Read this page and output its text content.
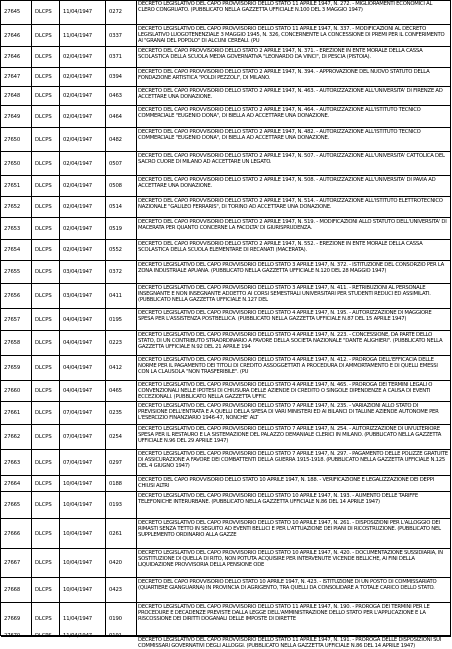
27645	DLCPS	11/04/1947	0272
DECRETO LEGISLATIVO DEL CAPO PROVVISORIO DELLO STATO 11 APRILE 1947, N. 272. - MIGLIORAMENTI ECONOMICI AL CLERO CONGRUATO. (PUBBLICATO NELLA GAZZETTA UFFICIALE N.100 DEL 3 MAGGIO 1947)
27646	DLCPS	11/04/1947	0337
DECRETO LEGISLATIVO DEL CAPO PROVVISORIO DELLO STATO 11 APRILE 1947, N. 337. - MODIFICAZIONI AL DECRETO LEGISLATIVO LUOGOTENENZIALE 3 MAGGIO 1945, N. 326, CONCERNENTE LA CONCESSIONE DI PREMI PER IL CONFERIMENTO AI "GRANAI DEL POPOLO" DI ALCUNI CEREALI. (PU
27646	DLCPS	02/04/1947	0371
DECRETO DEL CAPO PROVVISORIO DELLO STATO 2 APRILE 1947, N. 371. - EREZIONE IN ENTE MORALE DELLA CASSA SCOLASTICA DELLA SCUOLA MEDIA GOVERNATIVA "LEONARDO DA VINCI", DI PESCIA (PISTOIA).
27647	DLCPS	02/04/1947	0394
DECRETO DEL CAPO PROVVISORIO DELLO STATO 2 APRILE 1947, N. 394. - APPROVAZIONE DEL NUOVO STATUTO DELLA FONDAZIONE ARTISTICA "POLDI PEZZOLI", DI MILANO.
27648	DLCPS	02/04/1947	0463
DECRETO DEL CAPO PROVVISORIO DELLO STATO 2 APRILE 1947, N. 463. - AUTORIZZAZIONE ALL'UNIVERSITA' DI FIRENZE AD ACCETTARE UNA DONAZIONE.
27649	DLCPS	02/04/1947	0464
DECRETO DEL CAPO PROVVISORIO DELLO STATO 2 APRILE 1947, N. 464. - AUTORIZZAZIONE ALL'ISTITUTO TECNICO COMMERCIALE "EUGENIO DONA", DI BIELLA AD ACCETTARE UNA DONAZIONE.
27650	DLCPS	02/04/1947	0482
DECRETO DEL CAPO PROVVISORIO DELLO STATO 2 APRILE 1947, N. 482. - AUTORIZZAZIONE ALL'ISTITUTO TECNICO COMMERCIALE "EUGENIO DONA", DI BIELLA AD ACCETTARE UNA DONAZIONE.
27650	DLCPS	02/04/1947	0507
DECRETO DEL CAPO PROVVISORIO DELLO STATO 2 APRILE 1947, N. 507. - AUTORIZZAZIONE ALL'UNIVERSITA' CATTOLICA DEL SACRO CUORE DI MILANO AD ACCETTARE UN LEGATO.
27651	DLCPS	02/04/1947	0508
DECRETO DEL CAPO PROVVISORIO DELLO STATO 2 APRILE 1947, N. 508. - AUTORIZZAZIONE ALL'UNIVERSITA' DI PAVIA AD ACCETTARE UNA DONAZIONE.
27652	DLCPS	02/04/1947	0514
DECRETO DEL CAPO PROVVISORIO DELLO STATO 2 APRILE 1947, N. 514. - AUTORIZZAZIONE ALL'ISTITUTO ELETTROTECNICO NAZIONALE "GALILEO FERRARIS", DI TORINO AD ACCETTARE UNA DONAZIONE.
27653	DLCPS	02/04/1947	0519
DECRETO DEL CAPO PROVVISORIO DELLO STATO 2 APRILE 1947, N. 519. - MODIFICAZIONI ALLO STATUTO DELL'UNIVERSITA' DI MACERATA PER QUANTO CONCERNE LA FACOLTA' DI GIURISPRUDENZA.
27654	DLCPS	02/04/1947	0552
DECRETO DEL CAPO PROVVISORIO DELLO STATO 2 APRILE 1947, N. 552. - EREZIONE IN ENTE MORALE DELLA CASSA SCOLASTICA DELLA SCUOLA ELEMENTARE DI RECANATI (MACERATA).
27655	DLCPS	03/04/1947	0372
DECRETO LEGISLATIVO DEL CAPO PROVVISORIO DELLO STATO 3 APRILE 1947, N. 372. - ISTITUZIONE DEL CONSORZIO PER LA ZONA INDUSTRIALE APUANA. (PUBBLICATO NELLA GAZZETTA UFFICIALE N.120 DEL 28 MAGGIO 1947)
27656	DLCPS	03/04/1947	0411
DECRETO LEGISLATIVO DEL CAPO PROVVISORIO DELLO STATO 3 APRILE 1947, N. 411. - RETRIBUZIONI AL PERSONALE INSEGNANTE E NON INSEGNANTE ADDETTO AI CORSI SEMESTRALI UNIVERSITARI PER STUDENTI REDUCI ED ASSIMILATI. (PUBBLICATO NELLA GAZZETTA UFFICIALE N.127 DEL
27657	DLCPS	04/04/1947	0195
DECRETO LEGISLATIVO DEL CAPO PROVVISORIO DELLO STATO 4 APRILE 1947, N. 195. - AUTORIZZAZIONE DI MAGGIORE SPESA PER L'ASSISTENZA POSTBELLICA. (PUBBLICATO NELLA GAZZETTA UFFICIALE N.87 DEL 15 APRILE 1947)
27658	DLCPS	04/04/1947	0223
DECRETO LEGISLATIVO DEL CAPO PROVVISORIO DELLO STATO 4 APRILE 1947, N. 223. - CONCESSIONE, DA PARTE DELLO STATO, DI UN CONTRIBUTO STRAORDINARIO A FAVORE DELLA SOCIETA NAZIONALE "DANTE ALIGHIERI". (PUBBLICATO NELLA GAZZETTA UFFICIALE N.92 DEL 21 APRILE 194
27659	DLCPS	04/04/1947	0412
DECRETO LEGISLATIVO DEL CAPO PROVVISORIO DELLO STATO 4 APRILE 1947, N. 412. - PROROGA DELL'EFFICACIA DELLE NORME PER IL PAGAMENTO DEI TITOLI DI CREDITO ASSOGGETTATI A PROCEDURA DI AMMORTAMENTO E DI QUELLI EMESSI CON LA CLAUSOLA "NON TRASFERIBILE". (PU
27660	DLCPS	04/04/1947	0465
DECRETO LEGISLATIVO DEL CAPO PROVVISORIO DELLO STATO 4 APRILE 1947, N. 465. - PROROGA DEI TERMINI LEGALI O CONVENZIONALI NELLE IPOTESI DI CHIUSURA DELLE AZIENDE DI CREDITO O SINGOLE DIPENDENZE A CAUSA DI EVENTI ECCEZIONALI. (PUBBLICATO NELLA GAZZETTA UFFIC
27661	DLCPS	07/04/1947	0235
DECRETO LEGISLATIVO DEL CAPO PROVVISORIO DELLO STATO 7 APRILE 1947, N. 235. - VARIAZIONI ALLO STATO DI PREVISIONE DELL'ENTRATA E A QUELLI DELLA SPESA DI VARI MINISTERI ED AI BILANCI DI TALUNE AZIENDE AUTONOME PER L'ESERCIZIO FINANZIARIO 1946-47, NONCHE' ALT
27662	DLCPS	07/04/1947	0254
DECRETO LEGISLATIVO DEL CAPO PROVVISORIO DELLO STATO 7 APRILE 1947, N. 254. - AUTORIZZAZIONE DI UN'ULTERIORE SPESA PER IL RESTAURO E LA SISTEMAZIONE DEL PALAZZO DEMANIALE CLERICI IN MILANO. (PUBBLICATO NELLA GAZZETTA UFFICIALE N.96 DEL 29 APRILE 1947)
27663	DLCPS	07/04/1947	0297
DECRETO LEGISLATIVO DEL CAPO PROVVISORIO DELLO STATO 7 APRILE 1947, N. 297. - PAGAMENTO DELLE POLIZZE GRATUITE DI ASSICURAZIONE A FAVORE DEI COMBATTENTI DELLA GUERRA 1915-1918. (PUBBLICATO NELLA GAZZETTA UFFICIALE N.125 DEL 4 GIUGNO 1947)
27664	DLCPS	10/04/1947	0188
DECRETO DEL CAPO PROVVISORIO DELLO STATO 10 APRILE 1947, N. 188. - VERIFICAZIONE E LEGALIZZAZIONE DEI DEPPI CHIUSI ALTRI
27665	DLCPS	10/04/1947	0193
DECRETO LEGISLATIVO DEL CAPO PROVVISORIO DELLO STATO 10 APRILE 1947, N. 193. - AUMENTO DELLE TARIFFE TELEFONICHE INTERURBANE. (PUBBLICATO NELLA GAZZETTA UFFICIALE N.86 DEL 14 APRILE 1947)
27666	DLCPS	10/04/1947	0261
DECRETO LEGISLATIVO DEL CAPO PROVVISORIO DELLO STATO 10 APRILE 1947, N. 261. - DISPOSIZIONI PER L'ALLOGGIO DEI RIMASTI SENZA TETTO IN SEGUITO AD EVENTI BELLICI E PER L'ATTUAZIONE DEI PIANI DI RICOSTRUZIONE. (PUBBLICATO NEL SUPPLEMENTO ORDINARIO ALLA GAZZE
27667	DLCPS	10/04/1947	0420
DECRETO LEGISLATIVO DEL CAPO PROVVISORIO DELLO STATO 10 APRILE 1947, N. 420. - DOCUMENTAZIONE SUSSIDIARIA, IN SOSTITUZIONE DI QUELLA DI RITO, NON POTUTA ACQUISIRE PER INTERVENUTE VICENDE BELLICHE, AI FINI DELLA LIQUIDAZIONE PROVVISORIA DELLA PENSIONE ODE
27668	DLCPS	10/04/1947	0423
DECRETO DEL CAPO PROVVISORIO DELLO STATO 10 APRILE 1947, N. 423. - ISTITUZIONE DI UN POSTO DI COMMISSARIATO (QUARTIERE GIANGUARNA) IN PROVINCIA DI AGRIGENTO, TRA QUELLI DA CONSOLIDARE A TOTALE CARICO DELLO STATO.
27669	DLCPS	11/04/1947	0190
DECRETO LEGISLATIVO DEL CAPO PROVVISORIO DELLO STATO 11 APRILE 1947, N. 190. - PROROGA DEI TERMINI PER LE PROCEDURE E DECADENZE PREVISTE DALLA LEGGE DELL'AMMINISTRAZIONE DELLO STATO PER L'APPLICAZIONE E LA RISCOSSIONE DEI DIRITTI DOGANALI DELLE IMPOSTE DI DIRETTE
27670	DLCPS	11/04/1947	0191
DECRETO LEGISLATIVO DEL CAPO PROVVISORIO DELLO STATO 11 APRILE 1947, N. 191. - PROROGA DELLE DISPOSIZIONI SUI COMMISSARI GOVERNATIVI DEGLI ALLOGGI. (PUBBLICATO NELLA GAZZETTA UFFICIALE N.86 DEL 14 APRILE 1947)
